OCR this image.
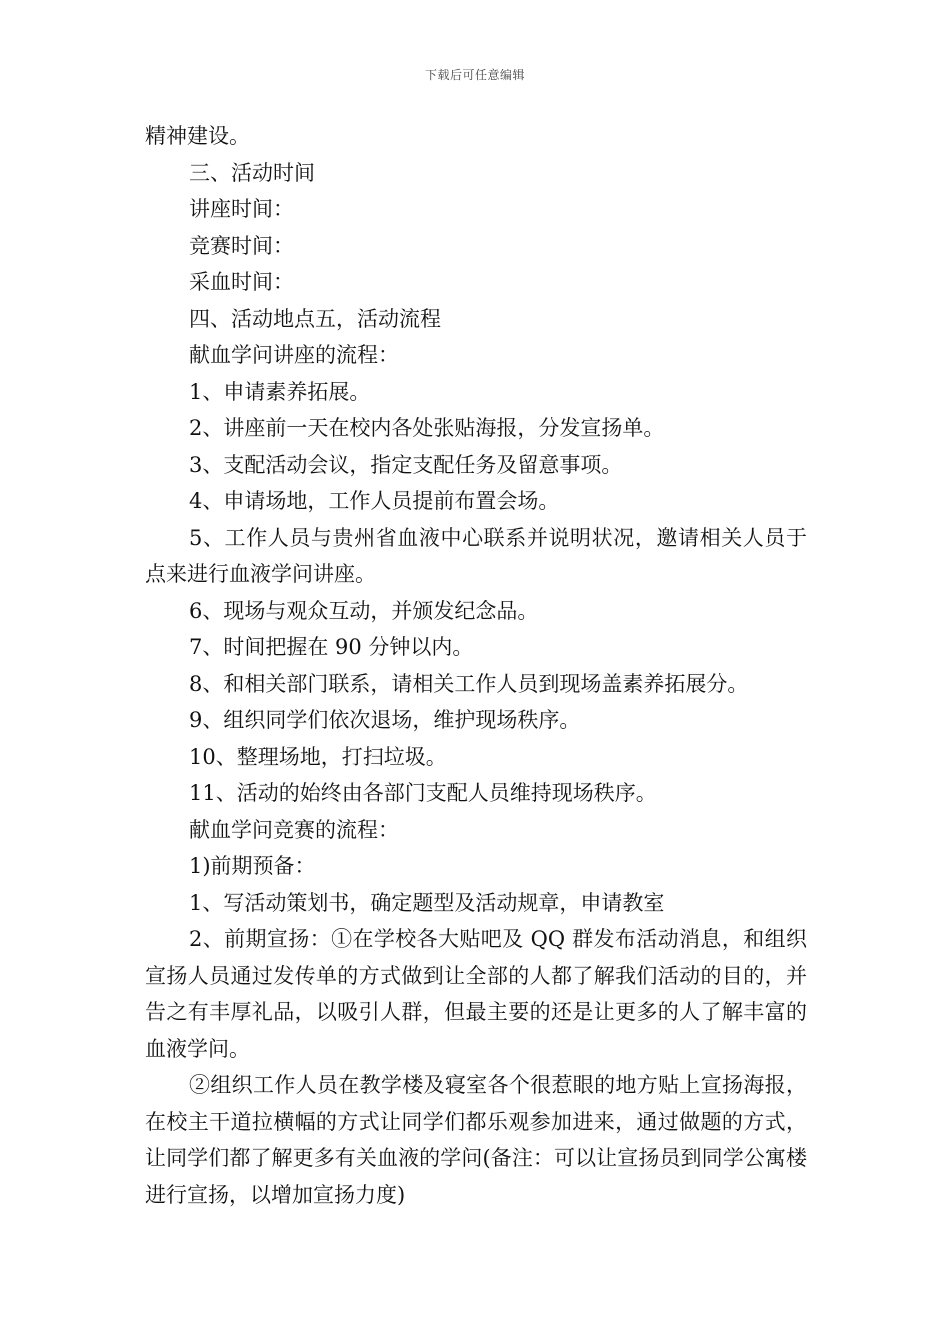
下载后可任意编辑

精神建设。

三、活动时间

讲座时间：

竞赛时间：

采血时间：

四、活动地点五，活动流程

献血学问讲座的流程：

1、申请素养拓展。

2、讲座前一天在校内各处张贴海报，分发宣扬单。

3、支配活动会议，指定支配任务及留意事项。

4、申请场地，工作人员提前布置会场。

5、工作人员与贵州省血液中心联系并说明状况，邀请相关人员于点来进行血液学问讲座。

6、现场与观众互动，并颁发纪念品。

7、时间把握在 90 分钟以内。

8、和相关部门联系，请相关工作人员到现场盖素养拓展分。

9、组织同学们依次退场，维护现场秩序。

10、整理场地，打扫垃圾。

11、活动的始终由各部门支配人员维持现场秩序。

献血学问竞赛的流程：

1)前期预备：

1、写活动策划书，确定题型及活动规章，申请教室

2、前期宣扬：①在学校各大贴吧及 QQ 群发布活动消息，和组织宣扬人员通过发传单的方式做到让全部的人都了解我们活动的目的，并告之有丰厚礼品，以吸引人群，但最主要的还是让更多的人了解丰富的血液学问。

②组织工作人员在教学楼及寝室各个很惹眼的地方贴上宣扬海报，在校主干道拉横幅的方式让同学们都乐观参加进来，通过做题的方式，让同学们都了解更多有关血液的学问(备注：可以让宣扬员到同学公寓楼进行宣扬，以增加宣扬力度)
